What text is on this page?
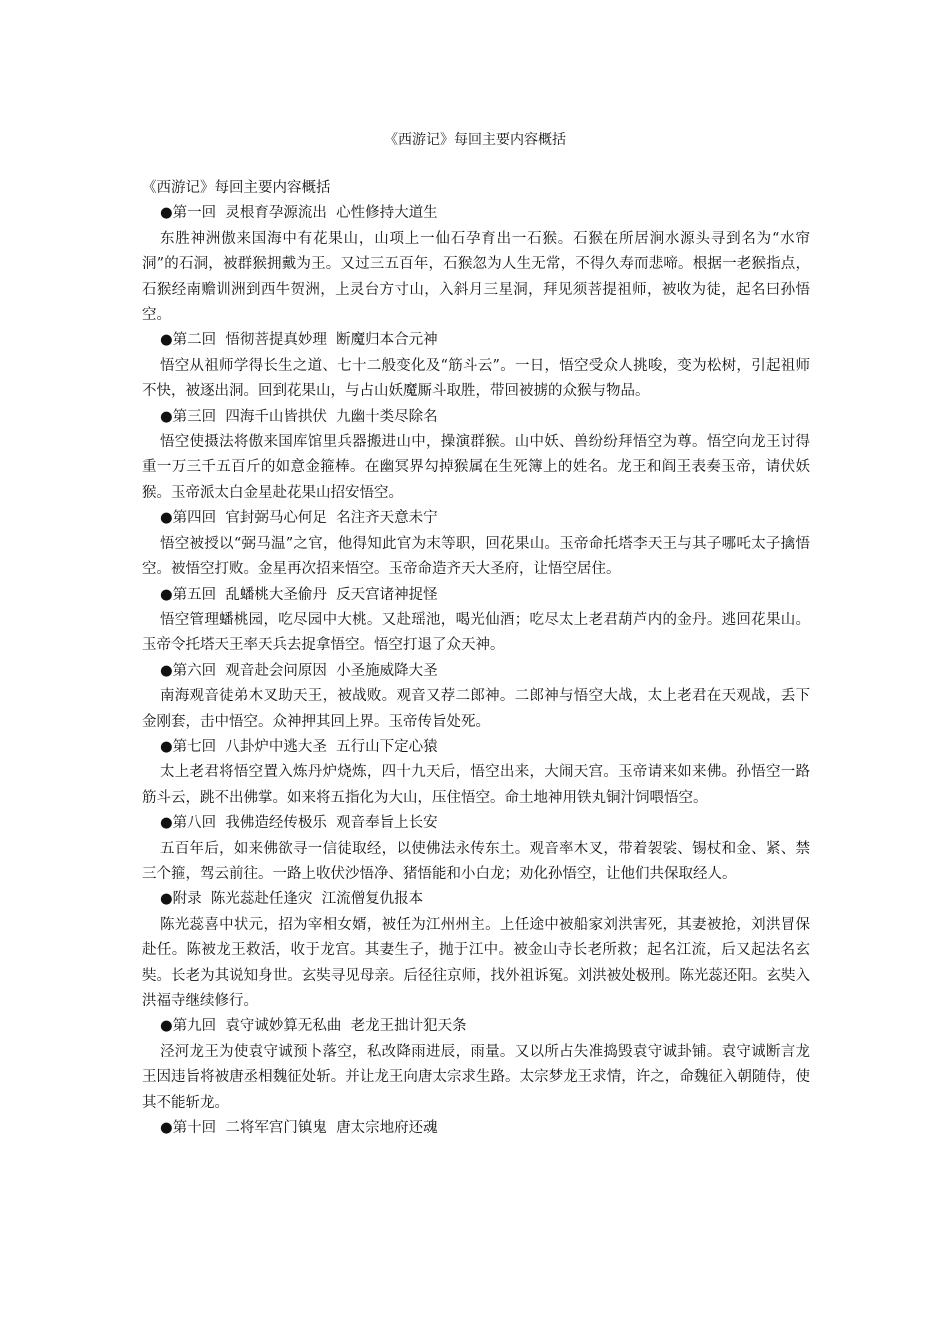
《西游记》每回主要内容概括

《西游记》每回主要内容概括

●第一回  灵根育孕源流出  心性修持大道生

东胜神洲傲来国海中有花果山，山项上一仙石孕育出一石猴。石猴在所居涧水源头寻到名为“水帘洞”的石洞，被群猴拥戴为王。又过三五百年，石猴忽为人生无常，不得久寿而悲啼。根据一老猴指点，石猴经南赡训洲到西牛贺洲，上灵台方寸山，入斜月三星洞，拜见须菩提祖师，被收为徒，起名曰孙悟空。

●第二回  悟彻菩提真妙理  断魔归本合元神

悟空从祖师学得长生之道、七十二般变化及“筋斗云”。一日，悟空受众人挑唆，变为松树，引起祖师不快，被逐出洞。回到花果山，与占山妖魔厮斗取胜，带回被掳的众猴与物品。

●第三回  四海千山皆拱伏  九幽十类尽除名

悟空使摄法将傲来国库馆里兵器搬进山中，操演群猴。山中妖、兽纷纷拜悟空为尊。悟空向龙王讨得重一万三千五百斤的如意金箍棒。在幽冥界勾掉猴属在生死簿上的姓名。龙王和阎王表奏玉帝，请伏妖猴。玉帝派太白金星赴花果山招安悟空。

●第四回  官封弼马心何足  名注齐天意未宁

悟空被授以“弼马温”之官，他得知此官为末等职，回花果山。玉帝命托塔李天王与其子哪吒太子擒悟空。被悟空打败。金星再次招来悟空。玉帝命造齐天大圣府，让悟空居住。

●第五回  乱蟠桃大圣偷丹  反天宫诸神捉怪

悟空管理蟠桃园，吃尽园中大桃。又赴瑶池，喝光仙酒；吃尽太上老君葫芦内的金丹。逃回花果山。玉帝令托塔天王率天兵去捉拿悟空。悟空打退了众天神。

●第六回  观音赴会问原因  小圣施威降大圣

南海观音徒弟木叉助天王，被战败。观音又荐二郎神。二郎神与悟空大战，太上老君在天观战，丢下金刚套，击中悟空。众神押其回上界。玉帝传旨处死。

●第七回  八卦炉中逃大圣  五行山下定心猿

太上老君将悟空置入炼丹炉烧炼，四十九天后，悟空出来，大闹天宫。玉帝请来如来佛。孙悟空一路筋斗云，跳不出佛掌。如来将五指化为大山，压住悟空。命土地神用铁丸铜汁饲喂悟空。

●第八回  我佛造经传极乐  观音奉旨上长安

五百年后，如来佛欲寻一信徒取经，以使佛法永传东土。观音率木叉，带着袈裟、锡杖和金、紧、禁三个箍，驾云前往。一路上收伏沙悟净、猪悟能和小白龙；劝化孙悟空，让他们共保取经人。

●附录  陈光蕊赴任逢灾  江流僧复仇报本

陈光蕊喜中状元，招为宰相女婿，被任为江州州主。上任途中被船家刘洪害死，其妻被抢，刘洪冒保赴任。陈被龙王救活，收于龙宫。其妻生子，抛于江中。被金山寺长老所救；起名江流，后又起法名玄奘。长老为其说知身世。玄奘寻见母亲。后径往京师，找外祖诉冤。刘洪被处极刑。陈光蕊还阳。玄奘入洪福寺继续修行。

●第九回  袁守诚妙算无私曲  老龙王拙计犯天条

泾河龙王为使袁守诚预卜落空，私改降雨进辰，雨量。又以所占失准捣毁袁守诚卦铺。袁守诚断言龙王因违旨将被唐丞相魏征处斩。并让龙王向唐太宗求生路。太宗梦龙王求情，许之，命魏征入朝随侍，使其不能斩龙。

●第十回  二将军宫门镇鬼  唐太宗地府还魂
